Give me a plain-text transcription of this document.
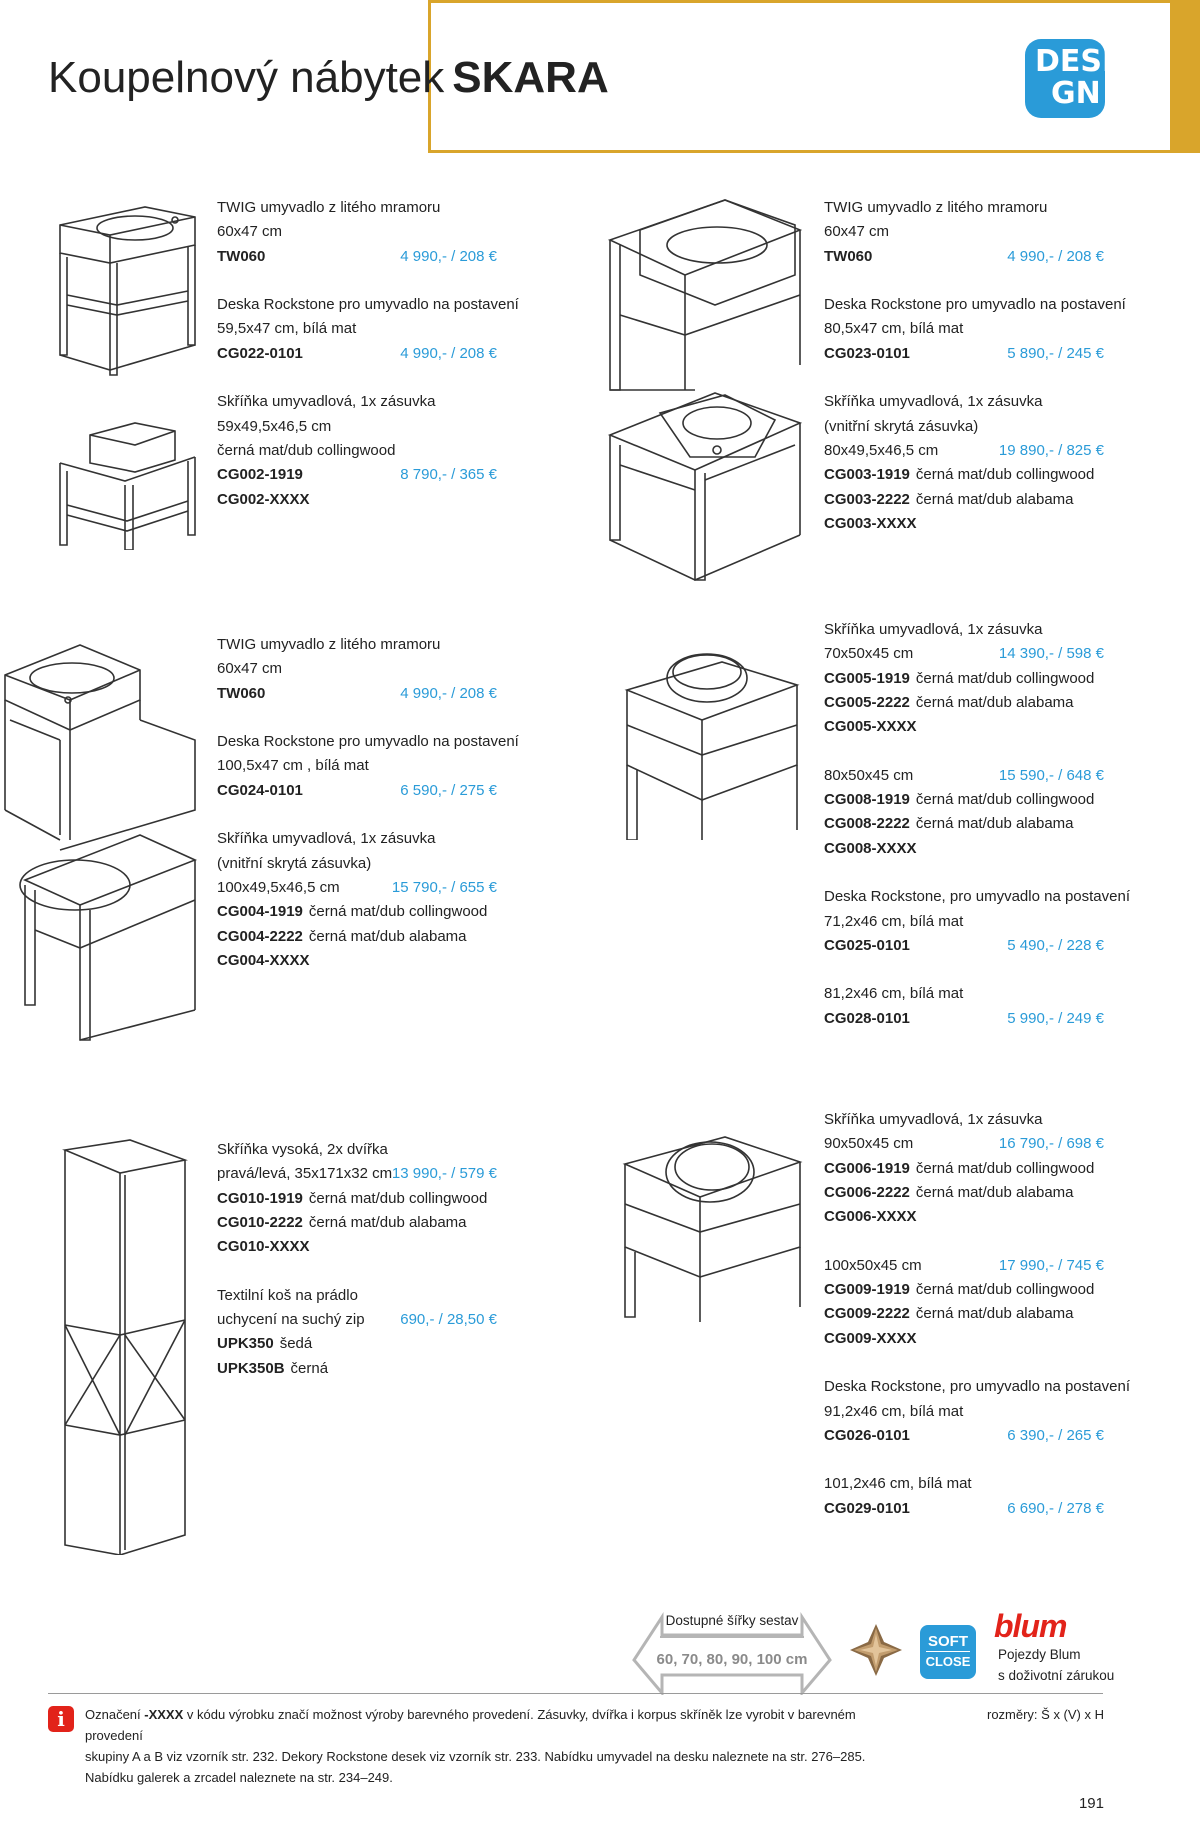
Koupelnový nábytek SKARA	DESI
GN
TWIG umyvadlo z litého mramoru
60x47 cm
TW060	4 990,- / 208 €
Deska Rockstone pro umyvadlo na postavení
59,5x47 cm, bílá mat
CG022-0101	4 990,- / 208 €
Skříňka umyvadlová, 1x zásuvka
59x49,5x46,5 cm
černá mat/dub collingwood
CG002-1919	8 790,- / 365 €
CG002-XXXX
TWIG umyvadlo z litého mramoru
60x47 cm
TW060	4 990,- / 208 €
Deska Rockstone pro umyvadlo na postavení
80,5x47 cm, bílá mat
CG023-0101	5 890,- / 245 €
Skříňka umyvadlová, 1x zásuvka
(vnitřní skrytá zásuvka)
80x49,5x46,5 cm	19 890,- / 825 €
CG003-1919 černá mat/dub collingwood
CG003-2222 černá mat/dub alabama
CG003-XXXX
TWIG umyvadlo z litého mramoru
60x47 cm
TW060	4 990,- / 208 €
Deska Rockstone pro umyvadlo na postavení
100,5x47 cm , bílá mat
CG024-0101	6 590,- / 275 €
Skříňka umyvadlová, 1x zásuvka
(vnitřní skrytá zásuvka)
100x49,5x46,5 cm	15 790,- / 655 €
CG004-1919 černá mat/dub collingwood
CG004-2222 černá mat/dub alabama
CG004-XXXX
Skříňka umyvadlová, 1x zásuvka
70x50x45 cm	14 390,- / 598 €
CG005-1919 černá mat/dub collingwood
CG005-2222 černá mat/dub alabama
CG005-XXXX
80x50x45 cm	15 590,- / 648 €
CG008-1919 černá mat/dub collingwood
CG008-2222 černá mat/dub alabama
CG008-XXXX
Deska Rockstone, pro umyvadlo na postavení
71,2x46 cm, bílá mat
CG025-0101	5 490,- / 228 €
81,2x46 cm, bílá mat
CG028-0101	5 990,- / 249 €
Skříňka vysoká, 2x dvířka
pravá/levá, 35x171x32 cm 13 990,- / 579 €
CG010-1919 černá mat/dub collingwood
CG010-2222 černá mat/dub alabama
CG010-XXXX
Textilní koš na prádlo
uchycení na suchý zip 690,- / 28,50 €
UPK350 šedá
UPK350B černá
Skříňka umyvadlová, 1x zásuvka
90x50x45 cm	16 790,- / 698 €
CG006-1919 černá mat/dub collingwood
CG006-2222 černá mat/dub alabama
CG006-XXXX
100x50x45 cm	17 990,- / 745 €
CG009-1919 černá mat/dub collingwood
CG009-2222 černá mat/dub alabama
CG009-XXXX
Deska Rockstone, pro umyvadlo na postavení
91,2x46 cm, bílá mat
CG026-0101	6 390,- / 265 €
101,2x46 cm, bílá mat
CG029-0101	6 690,- / 278 €
Dostupné šířky sestav
60, 70, 80, 90, 100 cm
SOFT
CLOSE
blum
Pojezdy Blum
s doživotní zárukou
i	Označení -XXXX v kódu výrobku značí možnost výroby barevného provedení. Zásuvky, dvířka i korpus skříněk lze vyrobit v barevném provedení
skupiny A a B viz vzorník str. 232. Dekory Rockstone desek viz vzorník str. 233. Nabídku umyvadel na desku naleznete na str. 276–285.
Nabídku galerek a zrcadel naleznete na str. 234–249.
rozměry: Š x (V) x H
191
